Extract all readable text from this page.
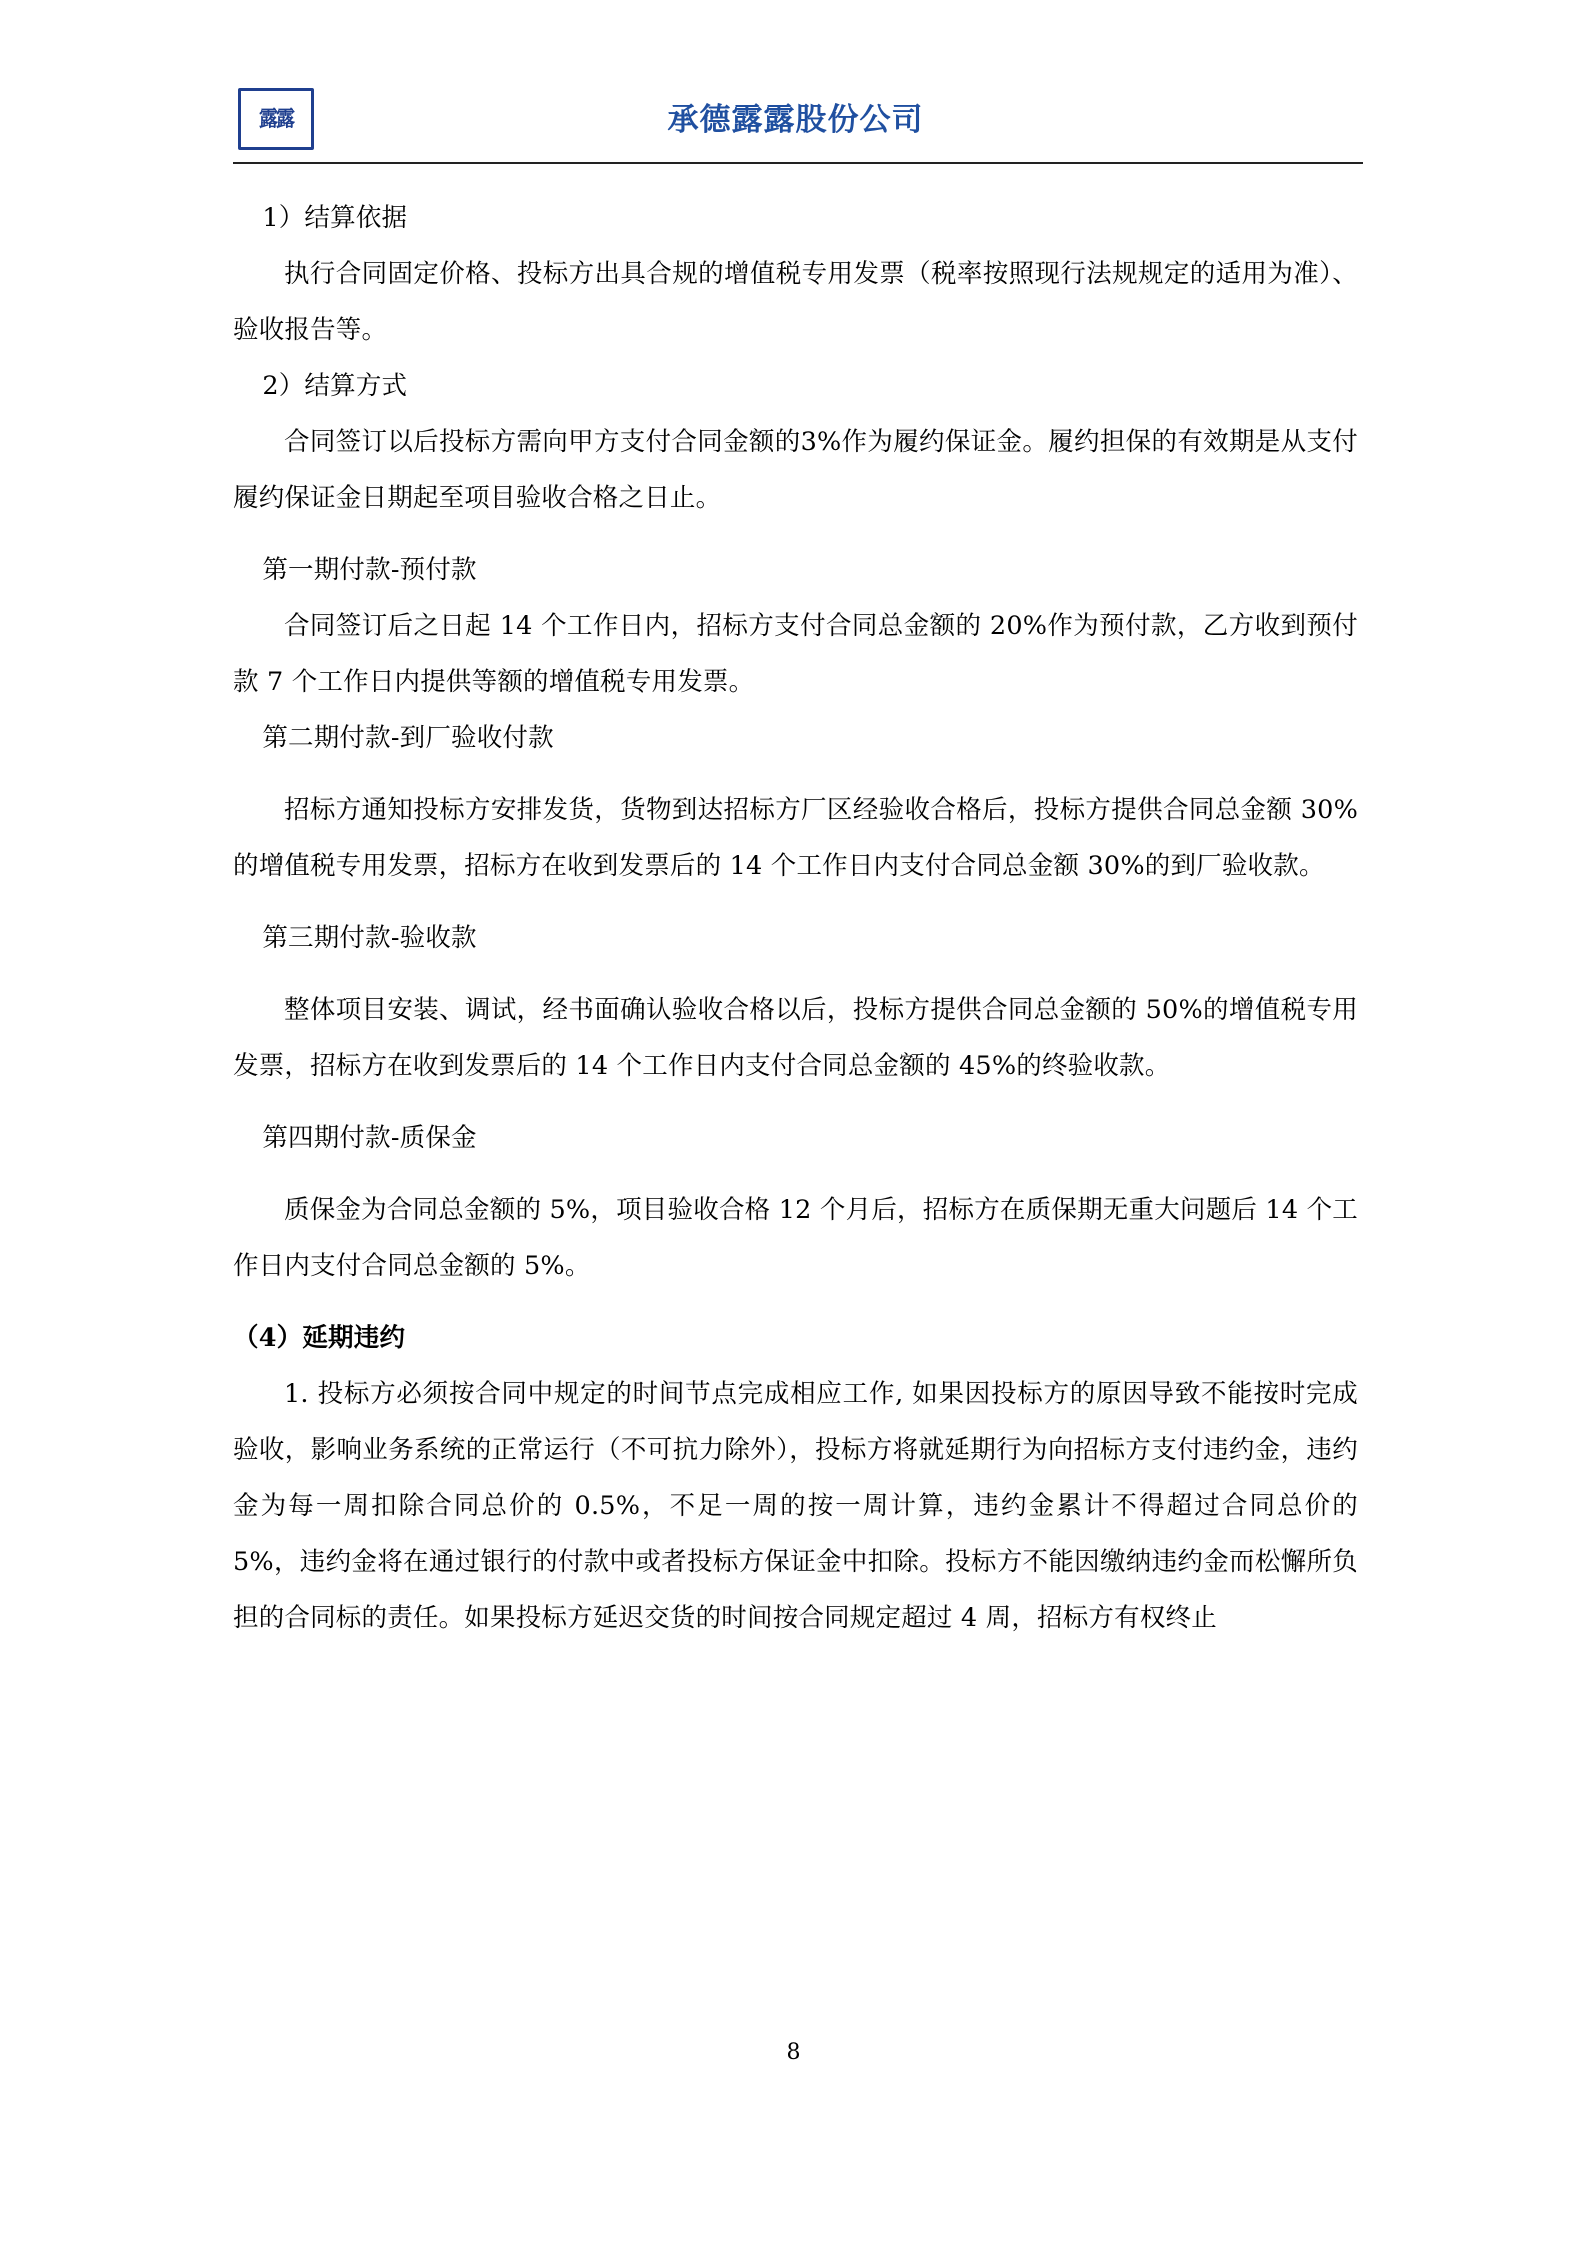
露露	承德露露股份公司

1）结算依据

执行合同固定价格、投标方出具合规的增值税专用发票（税率按照现行法规规定的适用为准）、验收报告等。

2）结算方式

合同签订以后投标方需向甲方支付合同金额的3%作为履约保证金。履约担保的有效期是从支付履约保证金日期起至项目验收合格之日止。

第一期付款-预付款

合同签订后之日起 14 个工作日内，招标方支付合同总金额的 20%作为预付款，乙方收到预付款 7 个工作日内提供等额的增值税专用发票。

第二期付款-到厂验收付款

招标方通知投标方安排发货，货物到达招标方厂区经验收合格后，投标方提供合同总金额 30%的增值税专用发票，招标方在收到发票后的 14 个工作日内支付合同总金额 30%的到厂验收款。

第三期付款-验收款

整体项目安装、调试，经书面确认验收合格以后，投标方提供合同总金额的 50%的增值税专用发票，招标方在收到发票后的 14 个工作日内支付合同总金额的 45%的终验收款。

第四期付款-质保金

质保金为合同总金额的 5%，项目验收合格 12 个月后，招标方在质保期无重大问题后 14 个工作日内支付合同总金额的 5%。

（4）延期违约

1. 投标方必须按合同中规定的时间节点完成相应工作, 如果因投标方的原因导致不能按时完成验收，影响业务系统的正常运行（不可抗力除外），投标方将就延期行为向招标方支付违约金，违约金为每一周扣除合同总价的 0.5%，不足一周的按一周计算，违约金累计不得超过合同总价的 5%，违约金将在通过银行的付款中或者投标方保证金中扣除。投标方不能因缴纳违约金而松懈所负担的合同标的责任。如果投标方延迟交货的时间按合同规定超过 4 周，招标方有权终止

8
